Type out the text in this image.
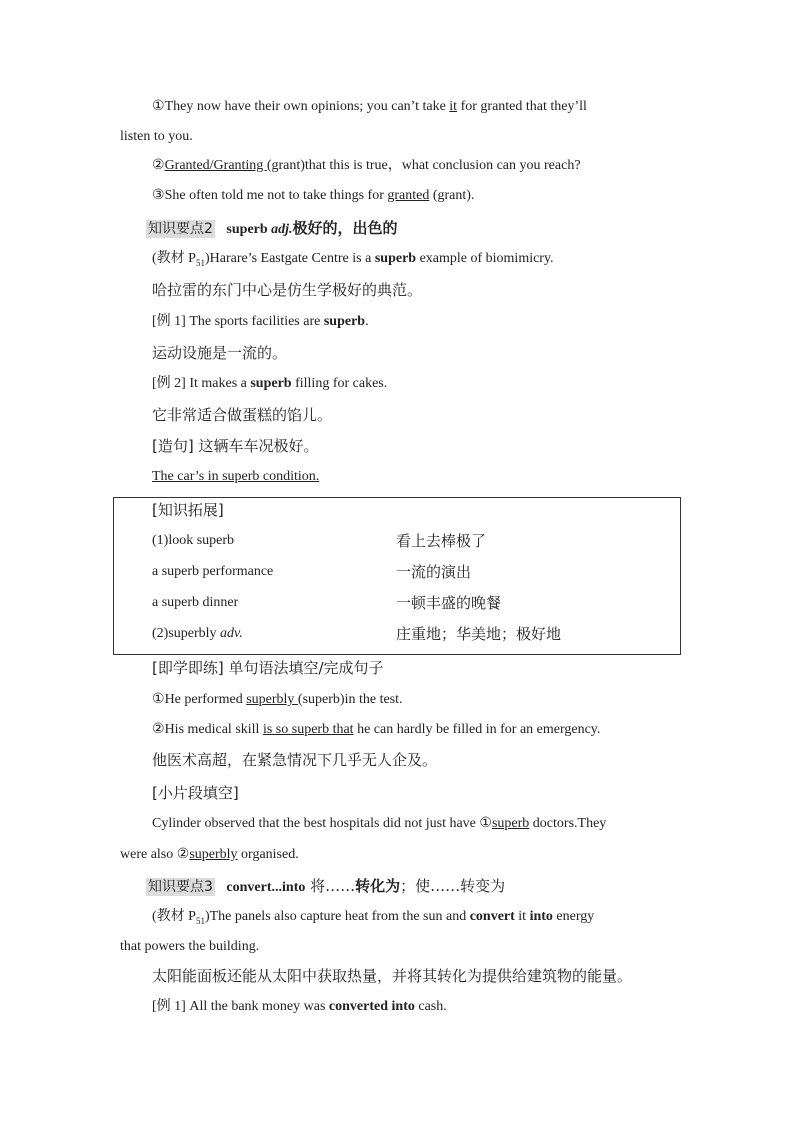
①They now have their own opinions; you can’t take it for granted that they’ll
listen to you.
②Granted/Granting (grant)that this is true，what conclusion can you reach?
③She often told me not to take things for granted (grant).
知识要点2 superb adj.极好的，出色的
(教材 $P_{51})Harare’s$ Eastgate Centre is a superb example of biomimicry.
哈拉雷的东门中心是仿生学极好的典范。
[例 1] The sports facilities are superb.
运动设施是一流的。
[例 2] It makes a superb filling for cakes.
它非常适合做蛋糕的馅儿。
[造句] 这辆车车况极好。
The car’s in superb condition.
[知识拓展]
(1)look superb	看上去棒极了
a superb performance	一流的演出
a superb dinner	一顿丰盛的晚餐
(2)superbly adv.	庄重地；华美地；极好地
[即学即练] 单句语法填空/完成句子
①He performed superbly (superb)in the test.
②His medical skill is so superb that he can hardly be filled in for an emergency.
他医术高超，在紧急情况下几乎无人企及。
[小片段填空]
Cylinder observed that the best hospitals did not just have ①superb doctors.They
were also ②superbly organised.
知识要点3 convert...into 将……转化为；使……转变为
(教材 $P_{51})The$ panels also capture heat from the sun and convert it into energy
that powers the building.
太阳能面板还能从太阳中获取热量，并将其转化为提供给建筑物的能量。
[例 1] All the bank money was converted into cash.
